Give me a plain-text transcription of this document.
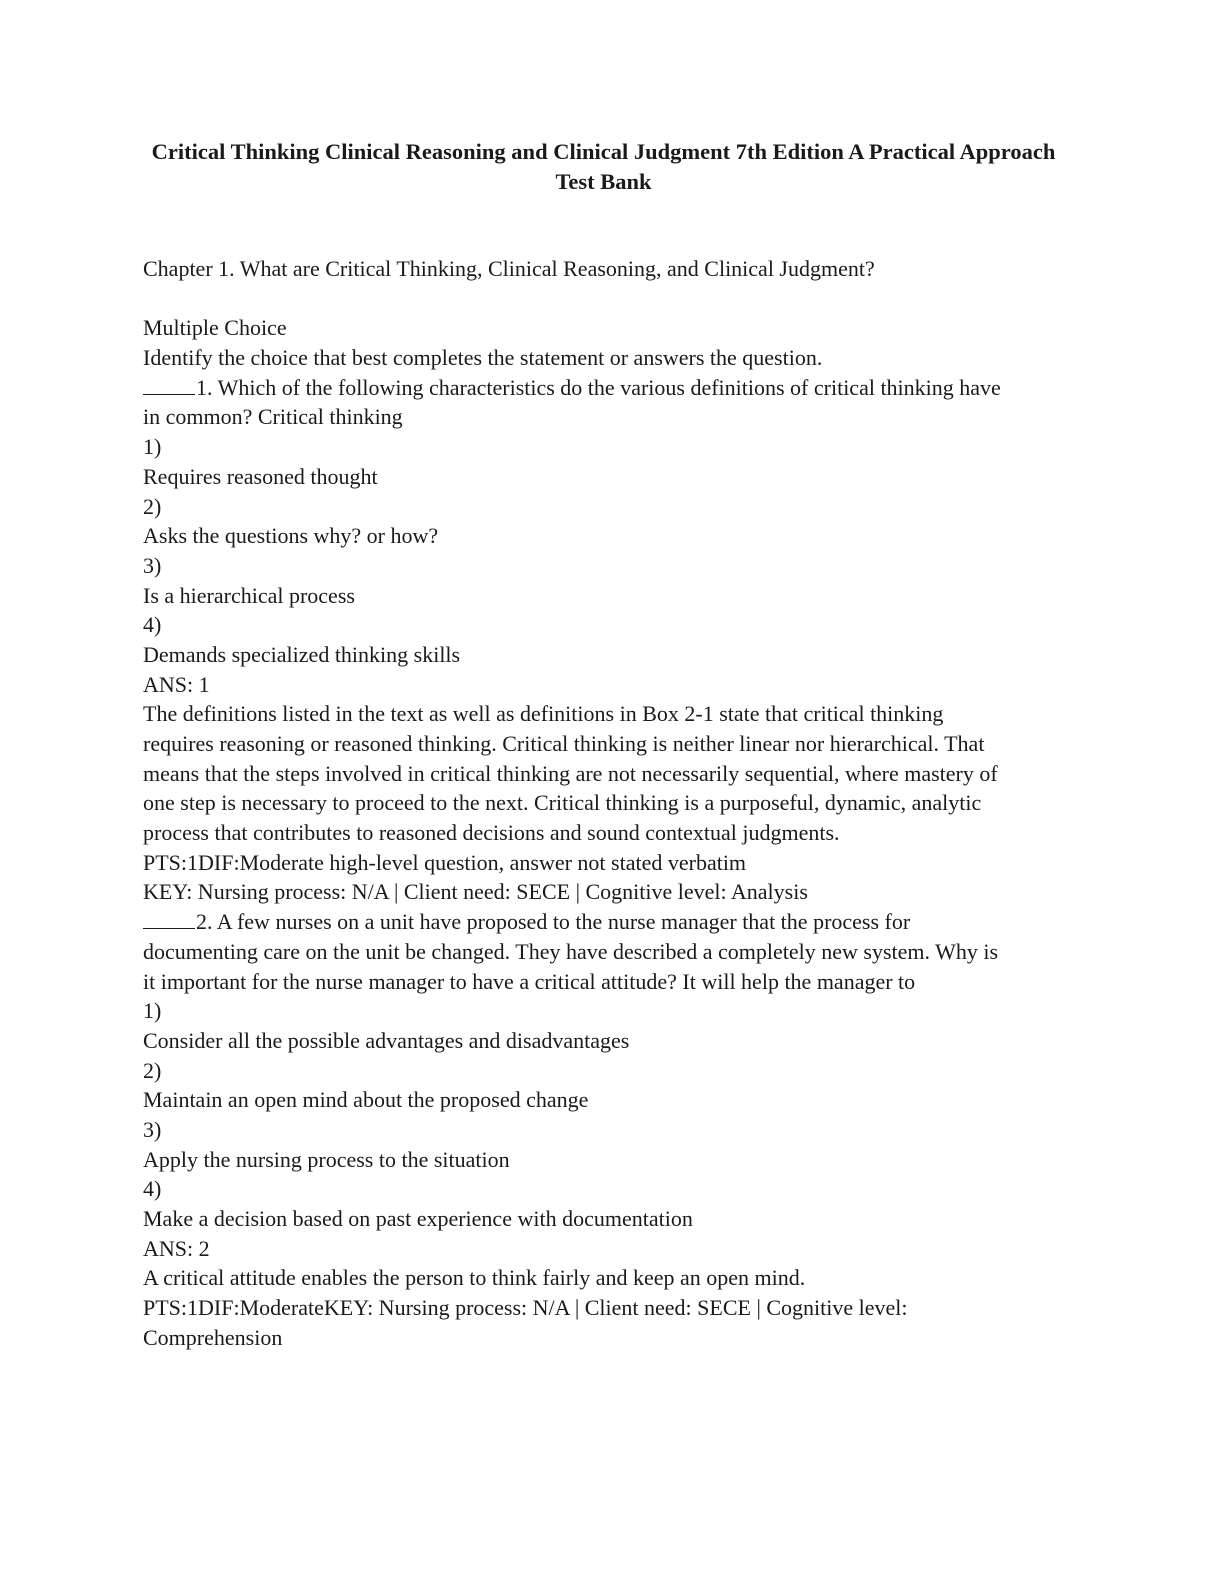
Critical Thinking Clinical Reasoning and Clinical Judgment 7th Edition A Practical Approach Test Bank
Chapter 1. What are Critical Thinking, Clinical Reasoning, and Clinical Judgment?
Multiple Choice
Identify the choice that best completes the statement or answers the question.
1. Which of the following characteristics do the various definitions of critical thinking have
in common? Critical thinking
1)
Requires reasoned thought
2)
Asks the questions why? or how?
3)
Is a hierarchical process
4)
Demands specialized thinking skills
ANS: 1
The definitions listed in the text as well as definitions in Box 2-1 state that critical thinking
requires reasoning or reasoned thinking. Critical thinking is neither linear nor hierarchical. That
means that the steps involved in critical thinking are not necessarily sequential, where mastery of
one step is necessary to proceed to the next. Critical thinking is a purposeful, dynamic, analytic
process that contributes to reasoned decisions and sound contextual judgments.
PTS:1DIF:Moderate high-level question, answer not stated verbatim
KEY: Nursing process: N/A | Client need: SECE | Cognitive level: Analysis
2. A few nurses on a unit have proposed to the nurse manager that the process for
documenting care on the unit be changed. They have described a completely new system. Why is
it important for the nurse manager to have a critical attitude? It will help the manager to
1)
Consider all the possible advantages and disadvantages
2)
Maintain an open mind about the proposed change
3)
Apply the nursing process to the situation
4)
Make a decision based on past experience with documentation
ANS: 2
A critical attitude enables the person to think fairly and keep an open mind.
PTS:1DIF:ModerateKEY: Nursing process: N/A | Client need: SECE | Cognitive level:
Comprehension
